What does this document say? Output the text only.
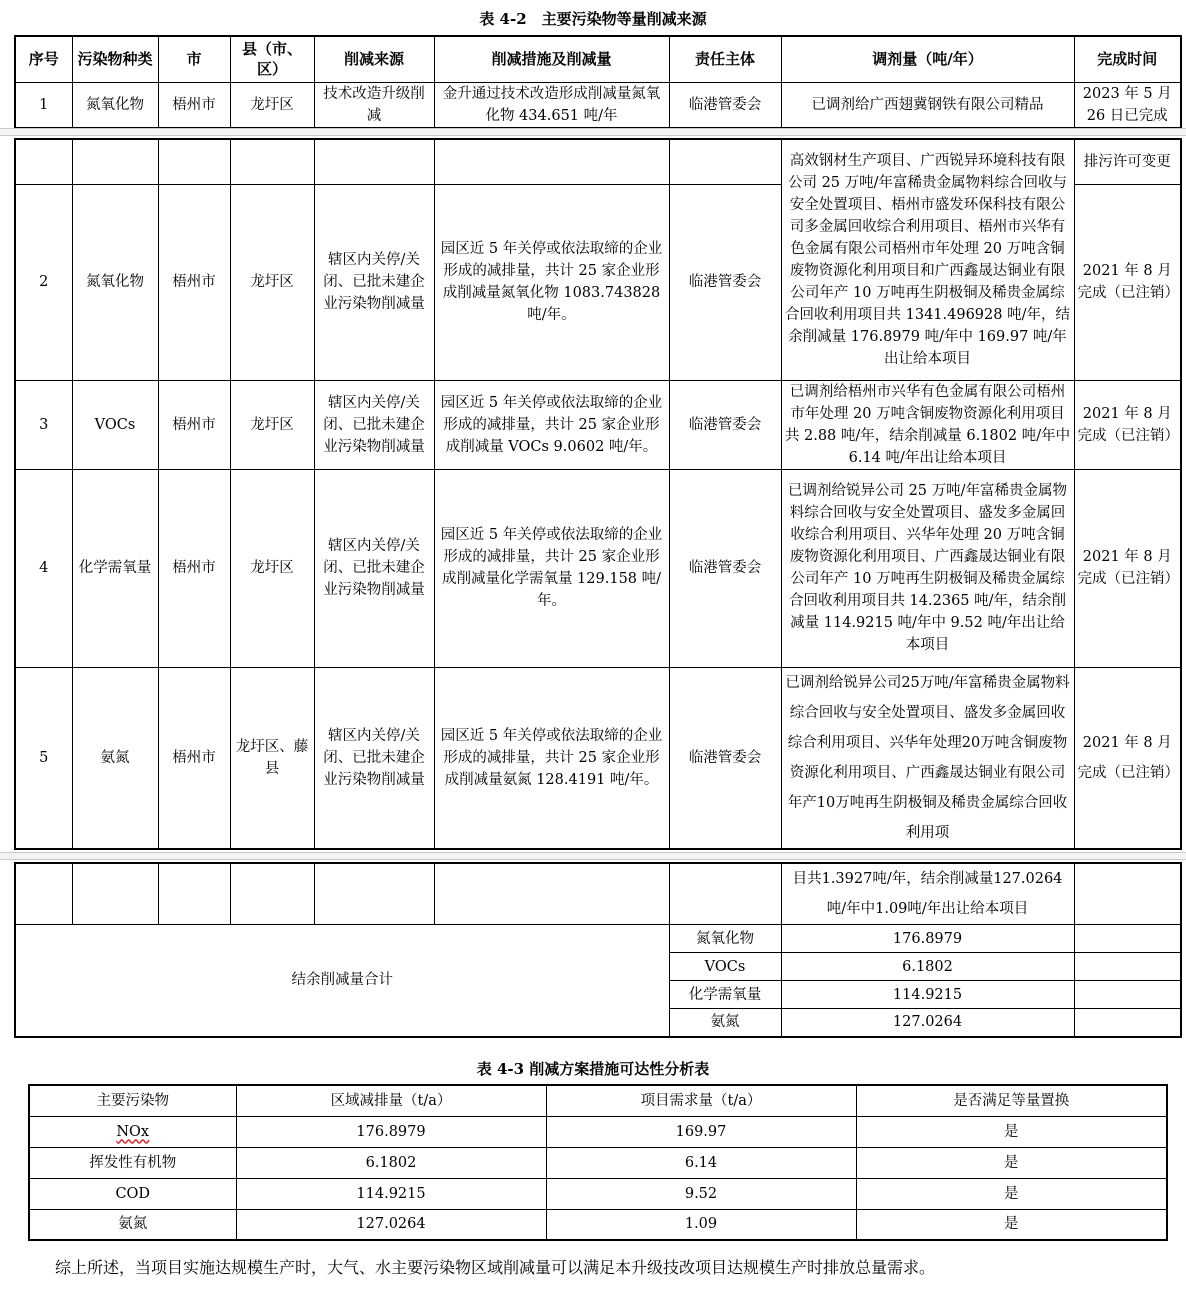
表 4-2　主要污染物等量削减来源
序号	污染物种类	市	县（市、区）	削减来源	削减措施及削减量	责任主体	调剂量（吨/年）	完成时间
1	氮氧化物	梧州市	龙圩区	技术改造升级削减	金升通过技术改造形成削减量氮氧化物 434.651 吨/年	临港管委会	已调剂给广西翅冀钢铁有限公司精品	2023 年 5 月 26 日已完成
							高效钢材生产项目、广西锐异环境科技有限公司 25 万吨/年富稀贵金属物料综合回收与安全处置项目、梧州市盛发环保科技有限公司多金属回收综合利用项目、梧州市兴华有色金属有限公司梧州市年处理 20 万吨含铜废物资源化利用项目和广西鑫晟达铜业有限公司年产 10 万吨再生阴极铜及稀贵金属综合回收利用项目共 1341.496928 吨/年，结余削减量 176.8979 吨/年中 169.97 吨/年出让给本项目	排污许可变更
2	氮氧化物	梧州市	龙圩区	辖区内关停/关闭、已批未建企业污染物削减量	园区近 5 年关停或依法取缔的企业形成的减排量，共计 25 家企业形成削减量氮氧化物 1083.743828 吨/年。	临港管委会		2021 年 8 月完成（已注销）
3	VOCs	梧州市	龙圩区	辖区内关停/关闭、已批未建企业污染物削减量	园区近 5 年关停或依法取缔的企业形成的减排量，共计 25 家企业形成削减量 VOCs 9.0602 吨/年。	临港管委会	已调剂给梧州市兴华有色金属有限公司梧州市年处理 20 万吨含铜废物资源化利用项目共 2.88 吨/年，结余削减量 6.1802 吨/年中 6.14 吨/年出让给本项目	2021 年 8 月完成（已注销）
4	化学需氧量	梧州市	龙圩区	辖区内关停/关闭、已批未建企业污染物削减量	园区近 5 年关停或依法取缔的企业形成的减排量，共计 25 家企业形成削减量化学需氧量 129.158 吨/年。	临港管委会	已调剂给锐异公司 25 万吨/年富稀贵金属物料综合回收与安全处置项目、盛发多金属回收综合利用项目、兴华年处理 20 万吨含铜废物资源化利用项目、广西鑫晟达铜业有限公司年产 10 万吨再生阴极铜及稀贵金属综合回收利用项目共 14.2365 吨/年，结余削减量 114.9215 吨/年中 9.52 吨/年出让给本项目	2021 年 8 月完成（已注销）
5	氨氮	梧州市	龙圩区、藤县	辖区内关停/关闭、已批未建企业污染物削减量	园区近 5 年关停或依法取缔的企业形成的减排量，共计 25 家企业形成削减量氨氮 128.4191 吨/年。	临港管委会	已调剂给锐异公司25万吨/年富稀贵金属物料综合回收与安全处置项目、盛发多金属回收综合利用项目、兴华年处理20万吨含铜废物资源化利用项目、广西鑫晟达铜业有限公司年产10万吨再生阴极铜及稀贵金属综合回收利用项	2021 年 8 月完成（已注销）
							目共1.3927吨/年，结余削减量127.0264吨/年中1.09吨/年出让给本项目	
结余削减量合计						氮氧化物	176.8979	
						VOCs	6.1802	
						化学需氧量	114.9215	
						氨氮	127.0264	
表 4-3 削减方案措施可达性分析表
主要污染物	区域减排量（t/a）	项目需求量（t/a）	是否满足等量置换
NOx	176.8979	169.97	是
挥发性有机物	6.1802	6.14	是
COD	114.9215	9.52	是
氨氮	127.0264	1.09	是
综上所述，当项目实施达规模生产时，大气、水主要污染物区域削减量可以满足本升级技改项目达规模生产时排放总量需求。
